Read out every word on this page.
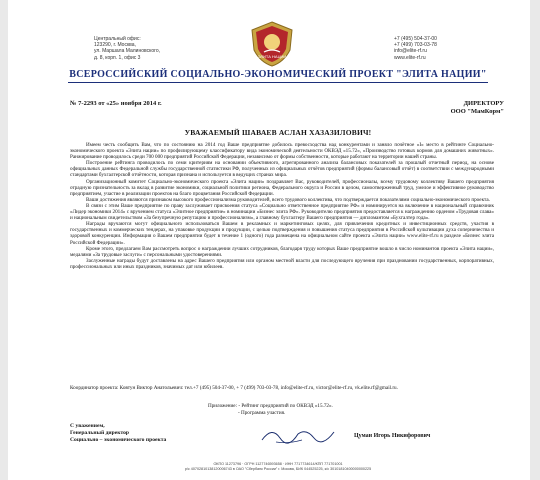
Центральный офис:
123290, г. Москва,
ул. Маршала Малиновского,
д. 8, корп. 1, офис 3	ЭЛИТА НАЦИИ
+7 (495) 504-37-00
+7 (499) 703-03-78
info@elite-rf.ru
www.elite-rf.ru
ВСЕРОССИЙСКИЙ СОЦИАЛЬНО-ЭКОНОМИЧЕСКИЙ ПРОЕКТ "ЭЛИТА НАЦИИ"
№ 7-2293 от «25» ноября 2014 г.	ДИРЕКТОРУ
ООО "МамКорм"
УВАЖАЕМЫЙ ШАВАЕВ АСЛАН ХАЗАЗИЛОВИЧ!

Имеем честь сообщить Вам, что по состоянию на 2014 год Ваше предприятие добилось превосходства над конкурентами и заняло почётное «I» место в рейтинге Социально-экономического проекта «Элита нации» по профилирующему классификатору вида экономической деятельности ОКВЭД «15.72», «Производство готовых кормов для домашних животных». Ранжирование проводилось среди 700 000 предприятий Российской Федерации, независимо от формы собственности, которые работают на территории нашей страны.

Построение рейтинга проводилось по семи критериям на основании объективного, агрегированного анализа балансовых показателей за прошлый отчетный период, на основе официальных данных Федеральной службы государственной статистики РФ, полученных из официальных отчётов предприятий (формы балансовый отчёт) в соответствии с международными стандартами бухгалтерской отчётности, которая признана и используется в ведущих странах мира.

Организационный комитет Социально-экономического проекта «Элита нации» поздравляет Вас, руководителей, профессионалы, всему трудовому коллективу Вашего предприятия отрадную признательность за вклад в развитие экономики, социальной политики региона, Федерального округа и России в целом, самоотверженный труд, умелое и эффективное руководство предприятием, участие в реализации проектов на благо процветания Российской Федерации.

Ваши достижения являются признаком высокого профессионализма руководителей, всего трудового коллектива, что подтверждается показателями социально-экономического проекта.

В связи с этим Ваше предприятие по праву заслуживает присвоения статуса «Социально ответственное предприятие РФ» и номинируется на включение в национальный справочник «Лидер экономики 2014» с вручением статуса «Элитное предприятие» в номинации «Бизнес элита РФ». Руководителю предприятия предоставляется к награждению орденом «Трудовая слава» и национальным свидетельством «За безупречную репутацию и профессионализм», а главному бухгалтеру Вашего предприятия — дипломантом «Бухгалтер года».

Награды вручаются могут официального использоваться Вашем в рекламных и маркетинговых целях, для привлечения кредитных и инвестиционных средств, участия в государственных и коммерческих тендерах, на упаковке продукции и продукции, с целью подтверждения и повышения статуса предприятия в Российской культивации духа соперничества и здоровой конкуренции. Информация о Вашем предприятии будет в течение 1 (одного) года размещена на официальном сайте проекта «Элита нации» www.elite-rf.ru в разделе «Бизнес элита Российской Федерации».

Кроме этого, предлагаем Вам рассмотреть вопрос о награждении лучших сотрудников, благодаря труду которых Ваше предприятие вошло в число номинантов проекта «Элита нации», медалями «За трудовые заслуги» с персональными удостоверениями.

Заслуженные награды будут доставлены на адрес Вашего предприятия или органом местной власти для последующего вручения при праздновании государственных, корпоративных, профессиональных или иных праздников, значимых дат или юбилеев.

Координатор проекта: Ковтун Виктор Анатольевич: тел.+7 (495) 504-37-00, + 7 (499) 703-03-78, info@elite-rf.ru, victor@elite-rf.ru, vk.elite.rf@gmail.ru.

Приложение: - Рейтинг предприятий по ОКВЭД «15.72».
- Программа участия.
С уважением,
Генеральный директор
Социально – экономического проекта
Цуман Игорь Никифорович
ОКПО 11273796 · ОГРН 1127746593658 · ИНН 7717734614/КПП 771701001
р/с 40702810138120006743 в ОАО "Сбербанк России" г. Москва, БИК 044525225, к/с 30101810400000000225
